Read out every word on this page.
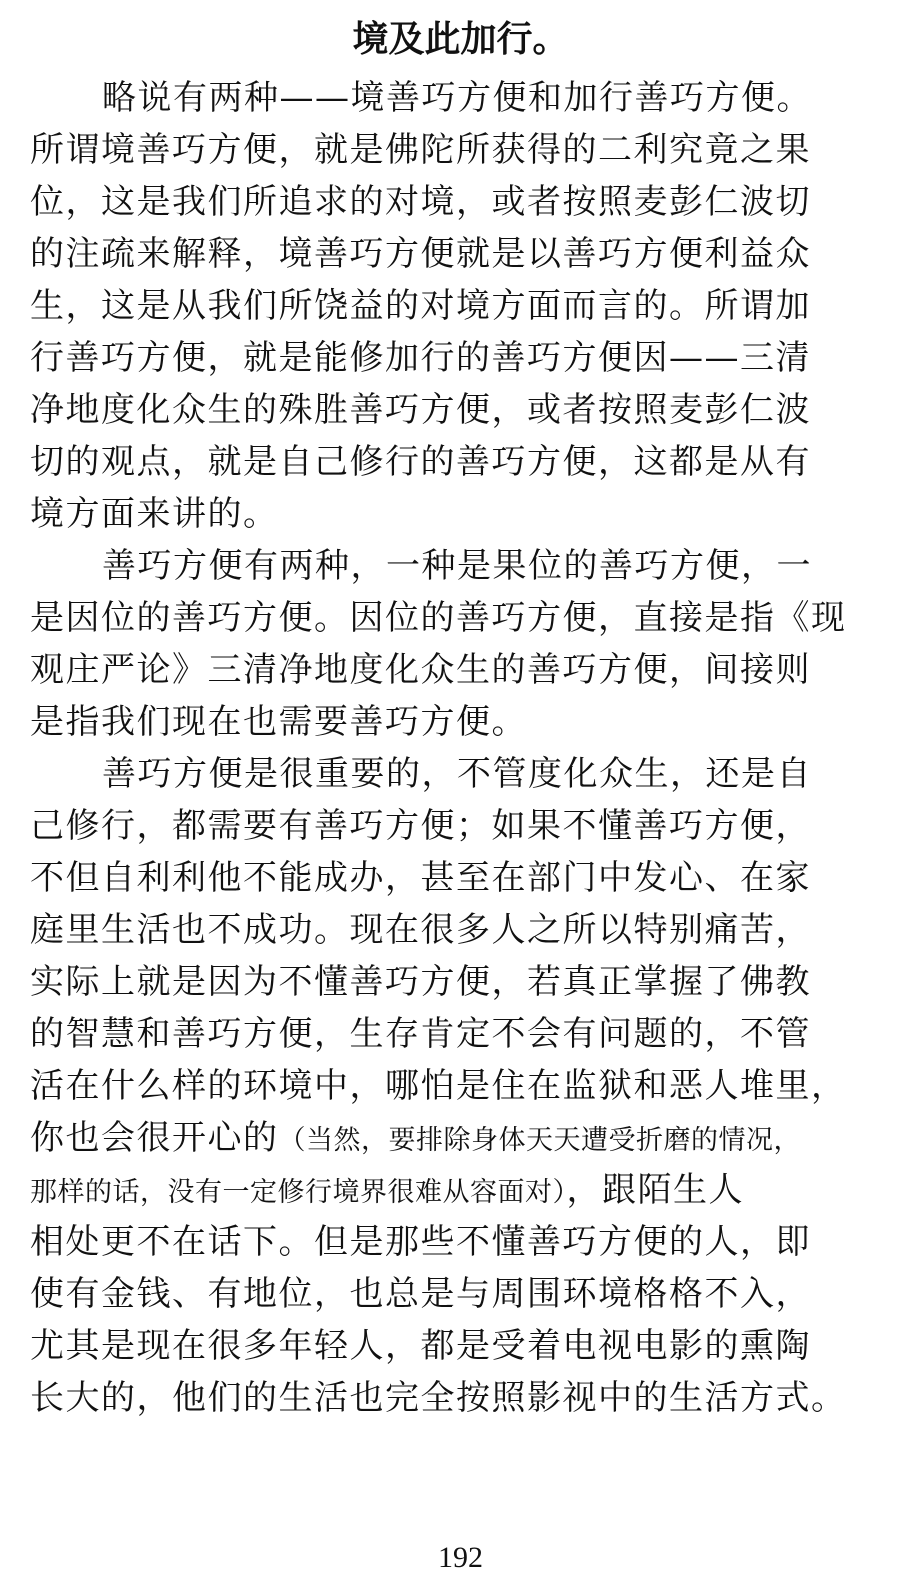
境及此加行。
略说有两种——境善巧方便和加行善巧方便。
所谓境善巧方便，就是佛陀所获得的二利究竟之果
位，这是我们所追求的对境，或者按照麦彭仁波切
的注疏来解释，境善巧方便就是以善巧方便利益众
生，这是从我们所饶益的对境方面而言的。所谓加
行善巧方便，就是能修加行的善巧方便因——三清
净地度化众生的殊胜善巧方便，或者按照麦彭仁波
切的观点，就是自己修行的善巧方便，这都是从有
境方面来讲的。
善巧方便有两种，一种是果位的善巧方便，一
是因位的善巧方便。因位的善巧方便，直接是指《现
观庄严论》三清净地度化众生的善巧方便，间接则
是指我们现在也需要善巧方便。
善巧方便是很重要的，不管度化众生，还是自
己修行，都需要有善巧方便；如果不懂善巧方便，
不但自利利他不能成办，甚至在部门中发心、在家
庭里生活也不成功。现在很多人之所以特别痛苦，
实际上就是因为不懂善巧方便，若真正掌握了佛教
的智慧和善巧方便，生存肯定不会有问题的，不管
活在什么样的环境中，哪怕是住在监狱和恶人堆里，
你也会很开心的（当然，要排除身体天天遭受折磨的情况，
那样的话，没有一定修行境界很难从容面对），跟陌生人
相处更不在话下。但是那些不懂善巧方便的人，即
使有金钱、有地位，也总是与周围环境格格不入，
尤其是现在很多年轻人，都是受着电视电影的熏陶
长大的，他们的生活也完全按照影视中的生活方式。
192
